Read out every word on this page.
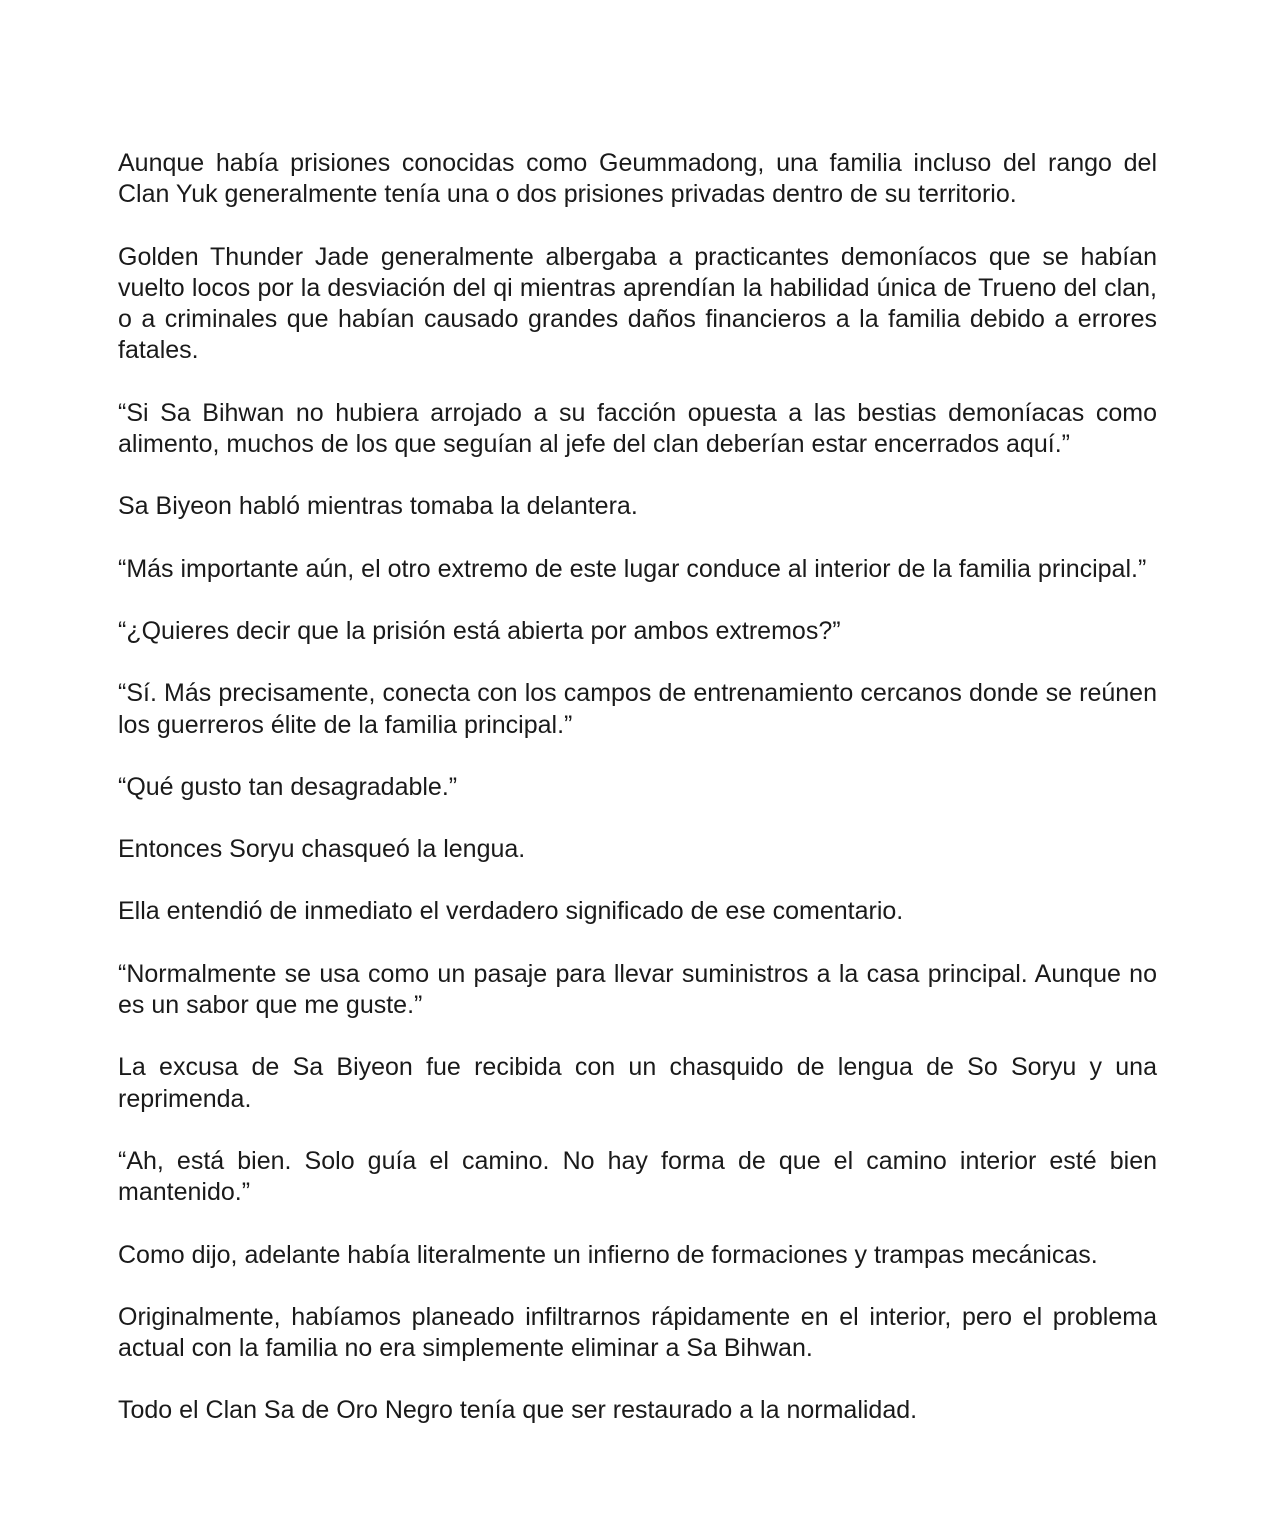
Aunque había prisiones conocidas como Geummadong, una familia incluso del rango del Clan Yuk generalmente tenía una o dos prisiones privadas dentro de su territorio.

Golden Thunder Jade generalmente albergaba a practicantes demoníacos que se habían vuelto locos por la desviación del qi mientras aprendían la habilidad única de Trueno del clan, o a criminales que habían causado grandes daños financieros a la familia debido a errores fatales.

“Si Sa Bihwan no hubiera arrojado a su facción opuesta a las bestias demoníacas como alimento, muchos de los que seguían al jefe del clan deberían estar encerrados aquí.”

Sa Biyeon habló mientras tomaba la delantera.

“Más importante aún, el otro extremo de este lugar conduce al interior de la familia principal.”

“¿Quieres decir que la prisión está abierta por ambos extremos?”

“Sí. Más precisamente, conecta con los campos de entrenamiento cercanos donde se reúnen los guerreros élite de la familia principal.”

“Qué gusto tan desagradable.”

Entonces Soryu chasqueó la lengua.

Ella entendió de inmediato el verdadero significado de ese comentario.

“Normalmente se usa como un pasaje para llevar suministros a la casa principal. Aunque no es un sabor que me guste.”

La excusa de Sa Biyeon fue recibida con un chasquido de lengua de So Soryu y una reprimenda.

“Ah, está bien. Solo guía el camino. No hay forma de que el camino interior esté bien mantenido.”

Como dijo, adelante había literalmente un infierno de formaciones y trampas mecánicas.

Originalmente, habíamos planeado infiltrarnos rápidamente en el interior, pero el problema actual con la familia no era simplemente eliminar a Sa Bihwan.

Todo el Clan Sa de Oro Negro tenía que ser restaurado a la normalidad.
